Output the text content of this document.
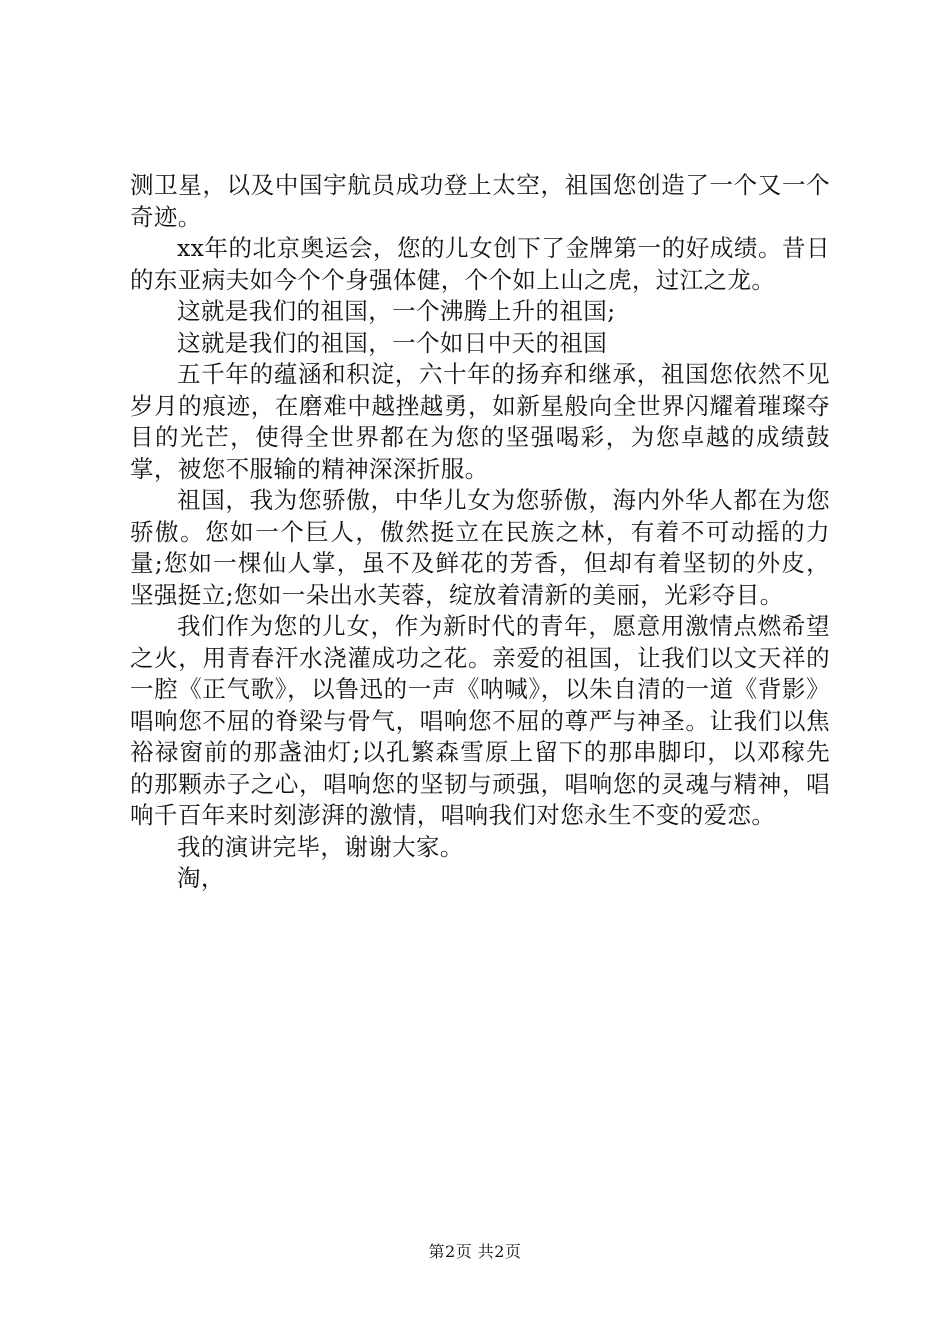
测卫星，以及中国宇航员成功登上太空，祖国您创造了一个又一个奇迹。

xx年的北京奥运会，您的儿女创下了金牌第一的好成绩。昔日的东亚病夫如今个个身强体健，个个如上山之虎，过江之龙。

这就是我们的祖国，一个沸腾上升的祖国;

这就是我们的祖国，一个如日中天的祖国

五千年的蕴涵和积淀，六十年的扬弃和继承，祖国您依然不见岁月的痕迹，在磨难中越挫越勇，如新星般向全世界闪耀着璀璨夺目的光芒，使得全世界都在为您的坚强喝彩，为您卓越的成绩鼓掌，被您不服输的精神深深折服。

祖国，我为您骄傲，中华儿女为您骄傲，海内外华人都在为您骄傲。您如一个巨人，傲然挺立在民族之林，有着不可动摇的力量;您如一棵仙人掌，虽不及鲜花的芳香，但却有着坚韧的外皮，坚强挺立;您如一朵出水芙蓉，绽放着清新的美丽，光彩夺目。

我们作为您的儿女，作为新时代的青年，愿意用激情点燃希望之火，用青春汗水浇灌成功之花。亲爱的祖国，让我们以文天祥的一腔《正气歌》，以鲁迅的一声《呐喊》，以朱自清的一道《背影》唱响您不屈的脊梁与骨气，唱响您不屈的尊严与神圣。让我们以焦裕禄窗前的那盏油灯;以孔繁森雪原上留下的那串脚印，以邓稼先的那颗赤子之心，唱响您的坚韧与顽强，唱响您的灵魂与精神，唱响千百年来时刻澎湃的激情，唱响我们对您永生不变的爱恋。

我的演讲完毕，谢谢大家。

淘，

第2页 共2页
